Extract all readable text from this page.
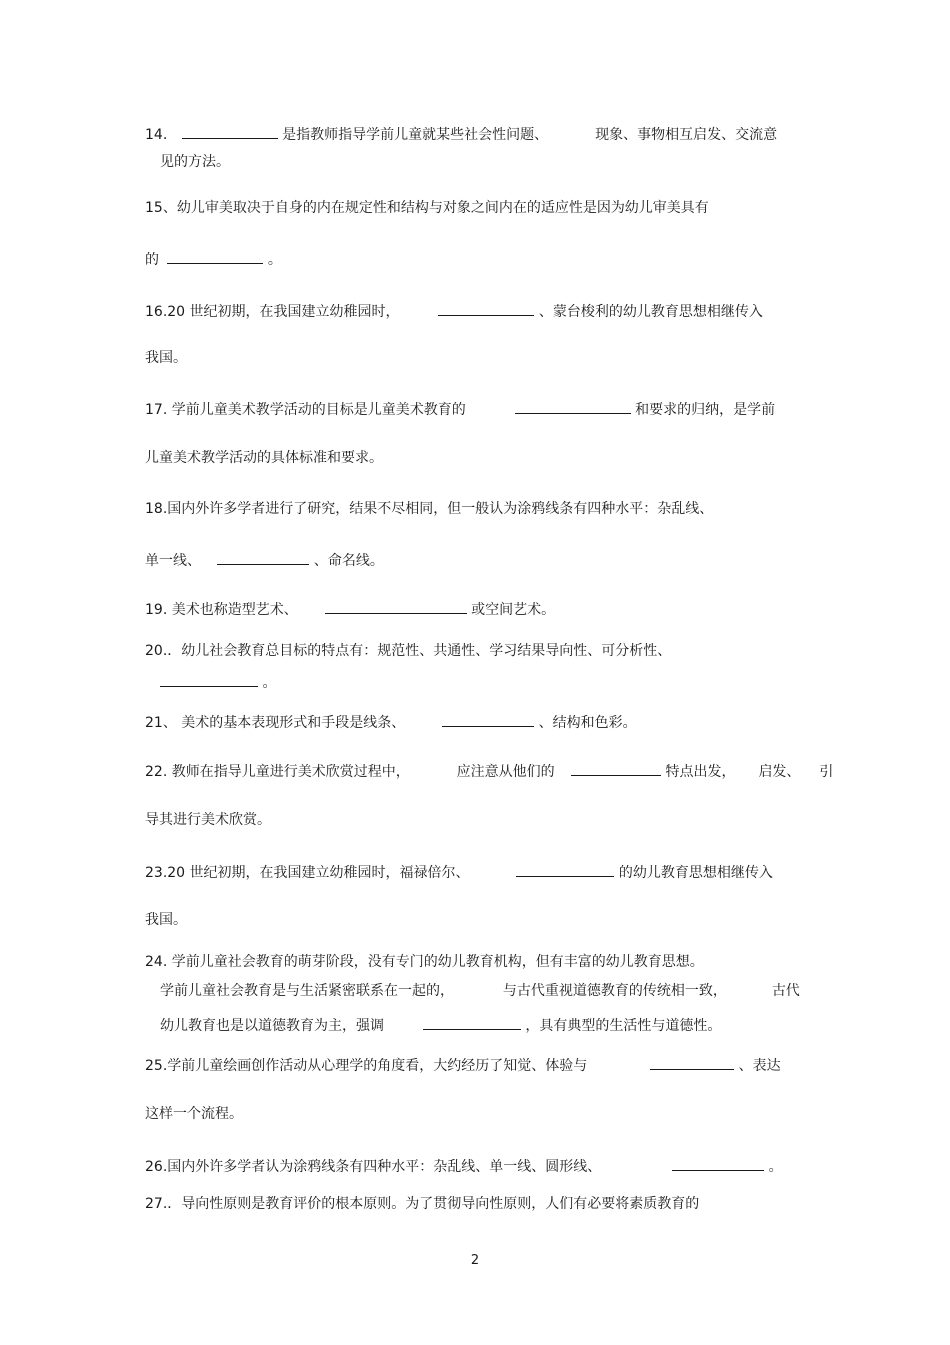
14.	是指教师指导学前儿童就某些社会性问题、	现象、事物相互启发、交流意
见的方法。
15、幼儿审美取决于自身的内在规定性和结构与对象之间内在的适应性是因为幼儿审美具有
的	。
16.20 世纪初期，在我国建立幼稚园时，	、蒙台梭利的幼儿教育思想相继传入
我国。
17. 学前儿童美术教学活动的目标是儿童美术教育的	和要求的归纳，是学前
儿童美术教学活动的具体标准和要求。
18.国内外许多学者进行了研究，结果不尽相同，但一般认为涂鸦线条有四种水平：杂乱线、
单一线、	、命名线。
19. 美术也称造型艺术、	或空间艺术。
20.．幼儿社会教育总目标的特点有：规范性、共通性、学习结果导向性、可分析性、
。
21、 美术的基本表现形式和手段是线条、	、结构和色彩。
22. 教师在指导儿童进行美术欣赏过程中，	应注意从他们的	特点出发， 启发、 引
导其进行美术欣赏。
23.20 世纪初期，在我国建立幼稚园时，福禄倍尔、	的幼儿教育思想相继传入
我国。
24. 学前儿童社会教育的萌芽阶段，没有专门的幼儿教育机构，但有丰富的幼儿教育思想。
学前儿童社会教育是与生活紧密联系在一起的，	与古代重视道德教育的传统相一致，	古代
幼儿教育也是以道德教育为主，强调	，具有典型的生活性与道德性。
25.学前儿童绘画创作活动从心理学的角度看，大约经历了知觉、体验与	、表达
这样一个流程。
26.国内外许多学者认为涂鸦线条有四种水平：杂乱线、单一线、圆形线、	。
27.．导向性原则是教育评价的根本原则。为了贯彻导向性原则，人们有必要将素质教育的
2
